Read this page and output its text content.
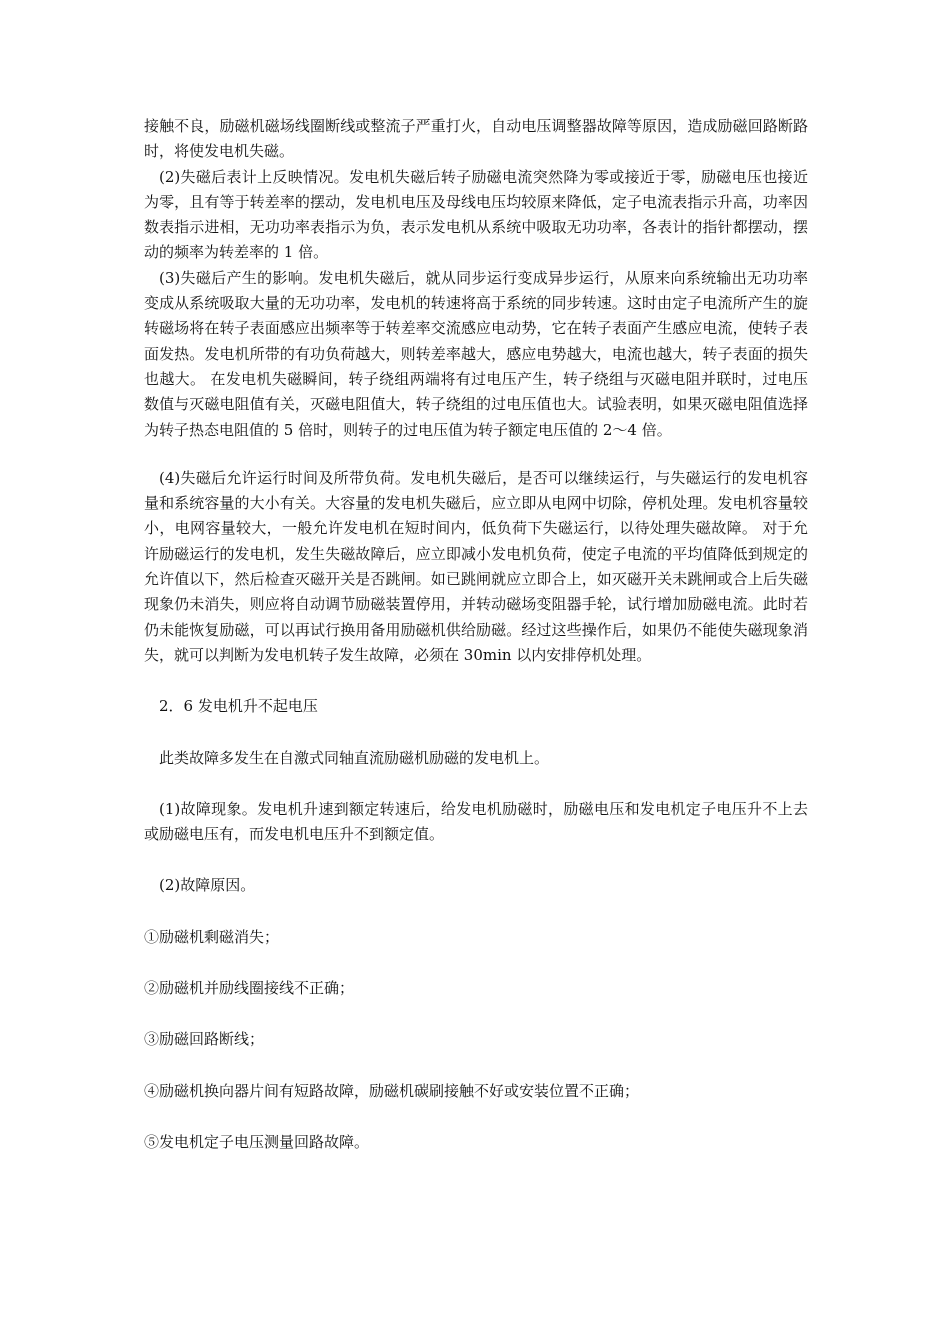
接触不良，励磁机磁场线圈断线或整流子严重打火，自动电压调整器故障等原因，造成励磁回路断路时，将使发电机失磁。

(2)失磁后表计上反映情况。发电机失磁后转子励磁电流突然降为零或接近于零，励磁电压也接近为零，且有等于转差率的摆动，发电机电压及母线电压均较原来降低，定子电流表指示升高，功率因数表指示进相，无功功率表指示为负，表示发电机从系统中吸取无功功率，各表计的指针都摆动，摆动的频率为转差率的 1 倍。

(3)失磁后产生的影响。发电机失磁后，就从同步运行变成异步运行，从原来向系统输出无功功率变成从系统吸取大量的无功功率，发电机的转速将高于系统的同步转速。这时由定子电流所产生的旋转磁场将在转子表面感应出频率等于转差率交流感应电动势，它在转子表面产生感应电流，使转子表面发热。发电机所带的有功负荷越大，则转差率越大，感应电势越大，电流也越大，转子表面的损失也越大。 在发电机失磁瞬间，转子绕组两端将有过电压产生，转子绕组与灭磁电阻并联时，过电压数值与灭磁电阻值有关，灭磁电阻值大，转子绕组的过电压值也大。试验表明，如果灭磁电阻值选择为转子热态电阻值的 5 倍时，则转子的过电压值为转子额定电压值的 2～4 倍。

(4)失磁后允许运行时间及所带负荷。发电机失磁后，是否可以继续运行，与失磁运行的发电机容量和系统容量的大小有关。大容量的发电机失磁后，应立即从电网中切除，停机处理。发电机容量较小，电网容量较大，一般允许发电机在短时间内，低负荷下失磁运行，以待处理失磁故障。 对于允许励磁运行的发电机，发生失磁故障后，应立即减小发电机负荷，使定子电流的平均值降低到规定的允许值以下，然后检查灭磁开关是否跳闸。如已跳闸就应立即合上，如灭磁开关未跳闸或合上后失磁现象仍未消失，则应将自动调节励磁装置停用，并转动磁场变阻器手轮，试行增加励磁电流。此时若仍未能恢复励磁，可以再试行换用备用励磁机供给励磁。经过这些操作后，如果仍不能使失磁现象消失，就可以判断为发电机转子发生故障，必须在 30min 以内安排停机处理。

2．6 发电机升不起电压

此类故障多发生在自激式同轴直流励磁机励磁的发电机上。

(1)故障现象。发电机升速到额定转速后，给发电机励磁时，励磁电压和发电机定子电压升不上去或励磁电压有，而发电机电压升不到额定值。

(2)故障原因。

①励磁机剩磁消失；

②励磁机并励线圈接线不正确；

③励磁回路断线；

④励磁机换向器片间有短路故障，励磁机碳刷接触不好或安装位置不正确；

⑤发电机定子电压测量回路故障。
